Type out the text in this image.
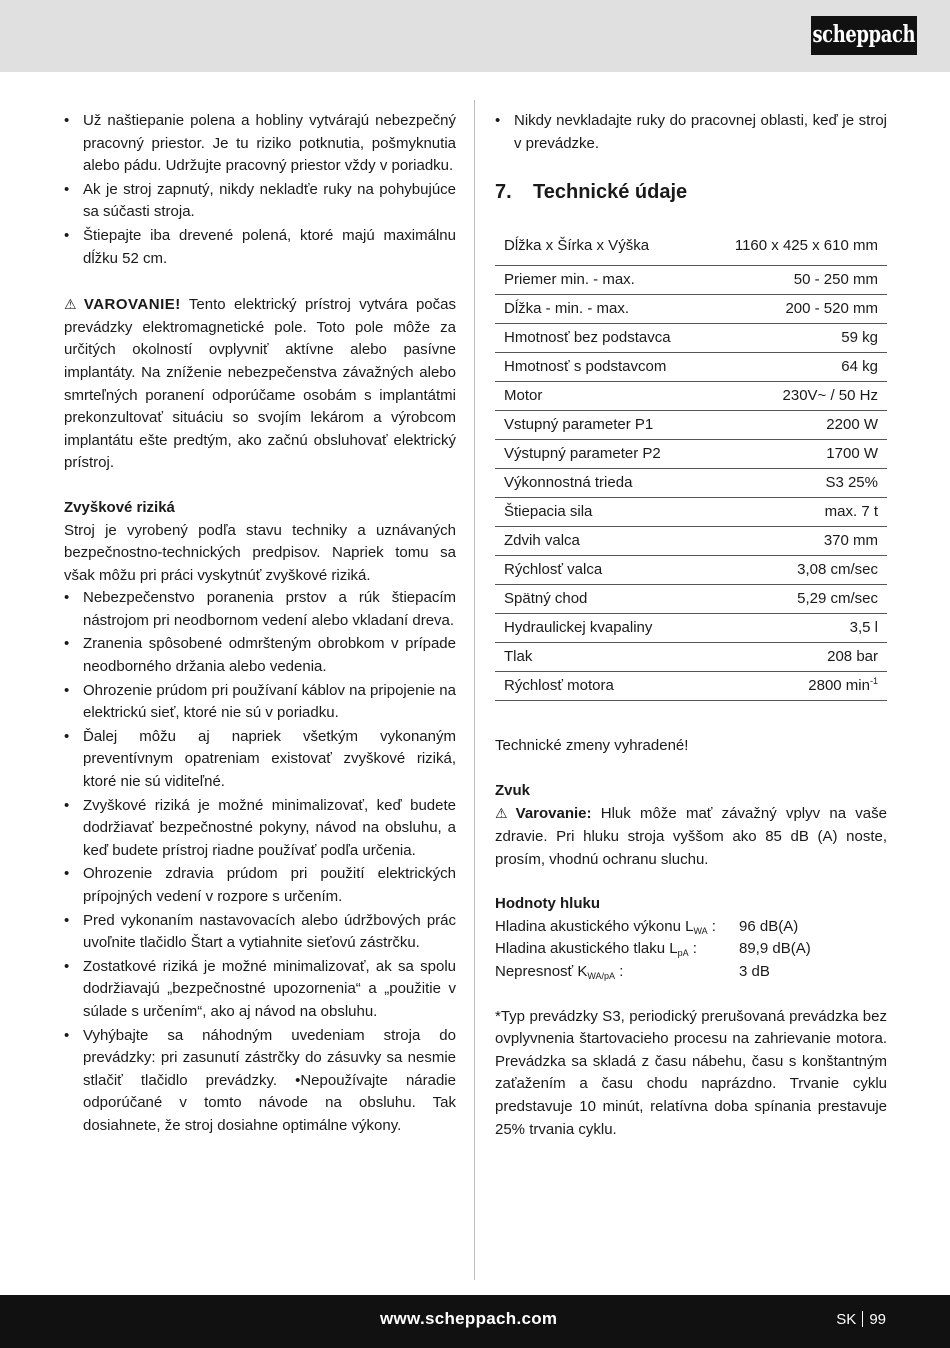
scheppach
• Už naštiepanie polena a hobliny vytvárajú nebezpečný pracovný priestor. Je tu riziko potknutia, pošmyknutia alebo pádu. Udržujte pracovný priestor vždy v poriadku.
• Ak je stroj zapnutý, nikdy nekladťe ruky na pohybujúce sa súčasti stroja.
• Štiepajte iba drevené polená, ktoré majú maximálnu dĺžku 52 cm.

⚠ VAROVANIE! Tento elektrický prístroj vytvára počas prevádzky elektromagnetické pole. Toto pole môže za určitých okolností ovplyvniť aktívne alebo pasívne implantáty. Na zníženie nebezpečenstva závažných alebo smrteľných poranení odporúčame osobám s implantátmi prekonzultovať situáciu so svojím lekárom a výrobcom implantátu ešte predtým, ako začnú obsluhovať elektrický prístroj.

Zvyškové riziká

Stroj je vyrobený podľa stavu techniky a uznávaných bezpečnostno-technických predpisov. Napriek tomu sa však môžu pri práci vyskytnúť zvyškové riziká.

• Nebezpečenstvo poranenia prstov a rúk štiepacím nástrojom pri neodbornom vedení alebo vkladaní dreva.
• Zranenia spôsobené odmršteným obrobkom v prípade neodborného držania alebo vedenia.
• Ohrozenie prúdom pri používaní káblov na pripojenie na elektrickú sieť, ktoré nie sú v poriadku.
• Ďalej môžu aj napriek všetkým vykonaným preventívnym opatreniam existovať zvyškové riziká, ktoré nie sú viditeľné.
• Zvyškové riziká je možné minimalizovať, keď budete dodržiavať bezpečnostné pokyny, návod na obsluhu, a keď budete prístroj riadne používať podľa určenia.
• Ohrozenie zdravia prúdom pri použití elektrických prípojných vedení v rozpore s určením.
• Pred vykonaním nastavovacích alebo údržbových prác uvoľnite tlačidlo Štart a vytiahnite sieťovú zástrčku.
• Zostatkové riziká je možné minimalizovať, ak sa spolu dodržiavajú „bezpečnostné upozornenia“ a „použitie v súlade s určením“, ako aj návod na obsluhu.
• Vyhýbajte sa náhodným uvedeniam stroja do prevádzky: pri zasunutí zástrčky do zásuvky sa nesmie stlačiť tlačidlo prevádzky. •Nepoužívajte náradie odporúčané v tomto návode na obsluhu. Tak dosiahnete, že stroj dosiahne optimálne výkony.
• Nikdy nevkladajte ruky do pracovnej oblasti, keď je stroj v prevádzke.
7. Technické údaje
Dĺžka x Šírka x Výška	1160 x 425 x 610 mm
Priemer min. - max.	50 - 250 mm
Dĺžka - min. - max.	200 - 520 mm
Hmotnosť bez podstavca	59 kg
Hmotnosť s podstavcom	64 kg
Motor	230V~ / 50 Hz
Vstupný parameter P1	2200 W
Výstupný parameter P2	1700 W
Výkonnostná trieda	S3 25%
Štiepacia sila	max. 7 t
Zdvih valca	370 mm
Rýchlosť valca	3,08 cm/sec
Spätný chod	5,29 cm/sec
Hydraulickej kvapaliny	3,5 l
Tlak	208 bar
Rýchlosť motora	2800 $\min^{-1}$

Technické zmeny vyhradené!

Zvuk

⚠ Varovanie: Hluk môže mať závažný vplyv na vaše zdravie. Pri hluku stroja vyššom ako 85 dB (A) noste, prosím, vhodnú ochranu sluchu.

Hodnoty hluku

Hladina akustického výkonu $L_{WA}$ :	96 dB(A)
Hladina akustického tlaku $L_{pA}$ :	89,9 dB(A)
Nepresnosť $K_{WA/pA}$ :	3 dB

*Typ prevádzky S3, periodický prerušovaná prevádzka bez ovplyvnenia štartovacieho procesu na zahrievanie motora. Prevádzka sa skladá z času nábehu, času s konštantným zaťažením a času chodu naprázdno. Trvanie cyklu predstavuje 10 minút, relatívna doba spínania prestavuje 25% trvania cyklu.

www.scheppach.com	SK 99
